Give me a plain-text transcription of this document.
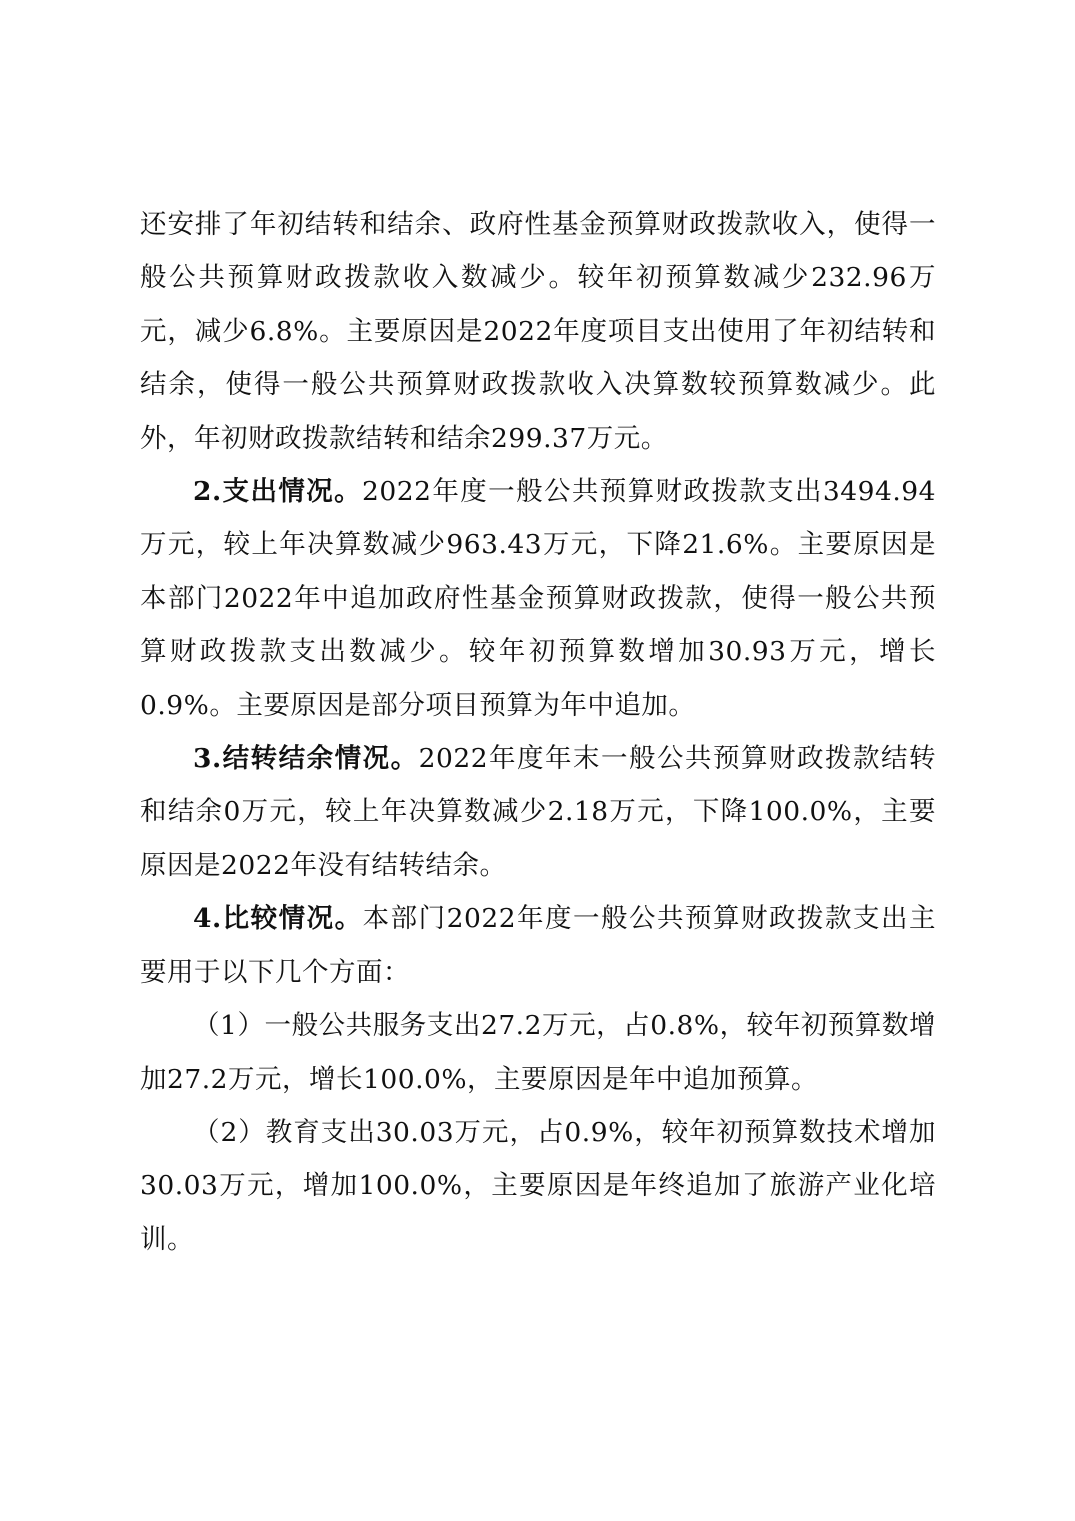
还安排了年初结转和结余、政府性基金预算财政拨款收入，使得一般公共预算财政拨款收入数减少。较年初预算数减少232.96万元，减少6.8%。主要原因是2022年度项目支出使用了年初结转和结余，使得一般公共预算财政拨款收入决算数较预算数减少。此外，年初财政拨款结转和结余299.37万元。

2.支出情况。2022年度一般公共预算财政拨款支出3494.94万元，较上年决算数减少963.43万元，下降21.6%。主要原因是本部门2022年中追加政府性基金预算财政拨款，使得一般公共预算财政拨款支出数减少。较年初预算数增加30.93万元，增长0.9%。主要原因是部分项目预算为年中追加。

3.结转结余情况。2022年度年末一般公共预算财政拨款结转和结余0万元，较上年决算数减少2.18万元，下降100.0%，主要原因是2022年没有结转结余。

4.比较情况。本部门2022年度一般公共预算财政拨款支出主要用于以下几个方面：

（1）一般公共服务支出27.2万元，占0.8%，较年初预算数增加27.2万元，增长100.0%，主要原因是年中追加预算。

（2）教育支出30.03万元，占0.9%，较年初预算数技术增加30.03万元，增加100.0%，主要原因是年终追加了旅游产业化培训。
